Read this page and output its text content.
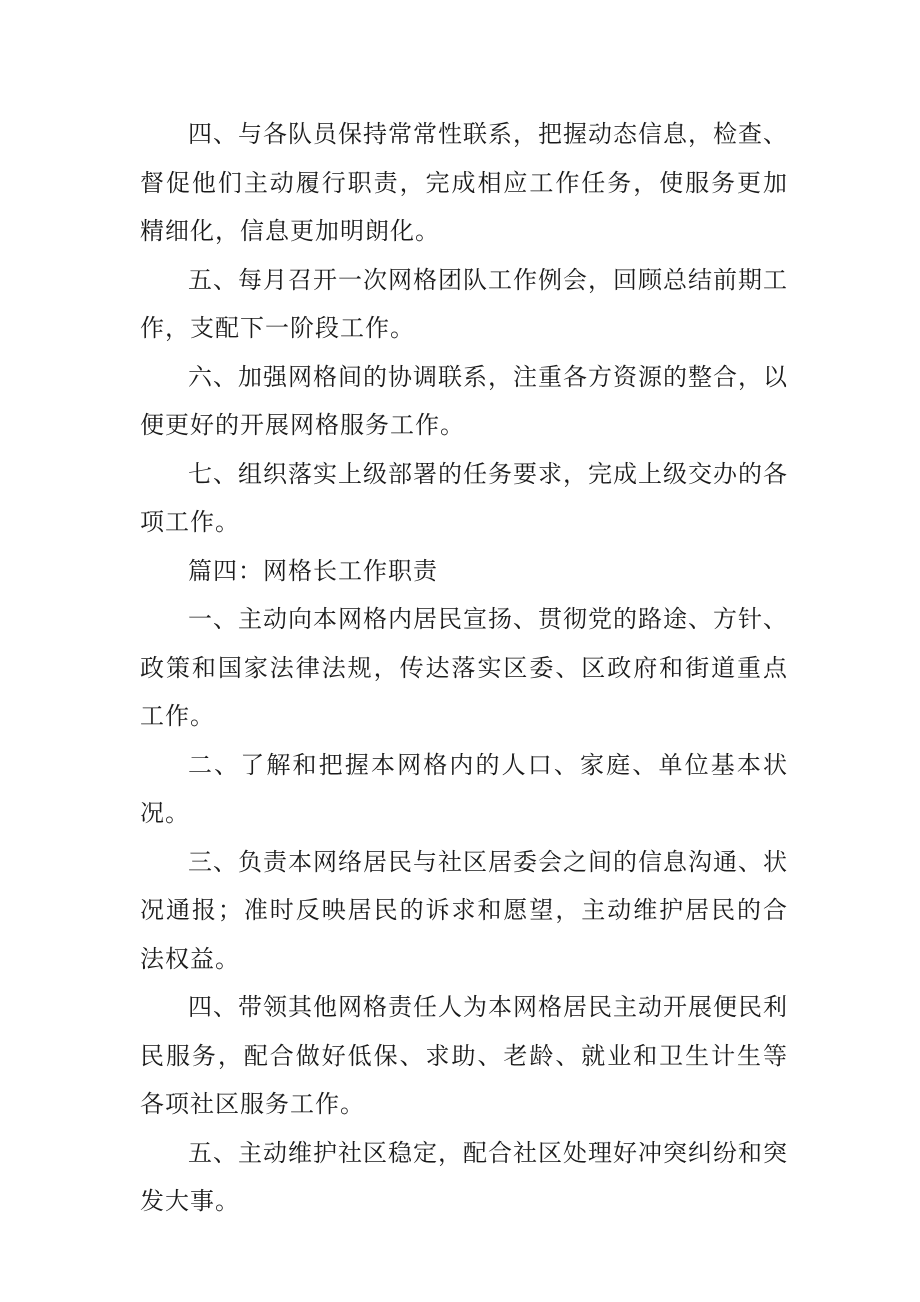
四、与各队员保持常常性联系，把握动态信息，检查、督促他们主动履行职责，完成相应工作任务，使服务更加精细化，信息更加明朗化。

五、每月召开一次网格团队工作例会，回顾总结前期工作，支配下一阶段工作。

六、加强网格间的协调联系，注重各方资源的整合，以便更好的开展网格服务工作。

七、组织落实上级部署的任务要求，完成上级交办的各项工作。

篇四：网格长工作职责

一、主动向本网格内居民宣扬、贯彻党的路途、方针、政策和国家法律法规，传达落实区委、区政府和街道重点工作。

二、了解和把握本网格内的人口、家庭、单位基本状况。

三、负责本网络居民与社区居委会之间的信息沟通、状况通报；准时反映居民的诉求和愿望，主动维护居民的合法权益。

四、带领其他网格责任人为本网格居民主动开展便民利民服务，配合做好低保、求助、老龄、就业和卫生计生等各项社区服务工作。

五、主动维护社区稳定，配合社区处理好冲突纠纷和突发大事。
